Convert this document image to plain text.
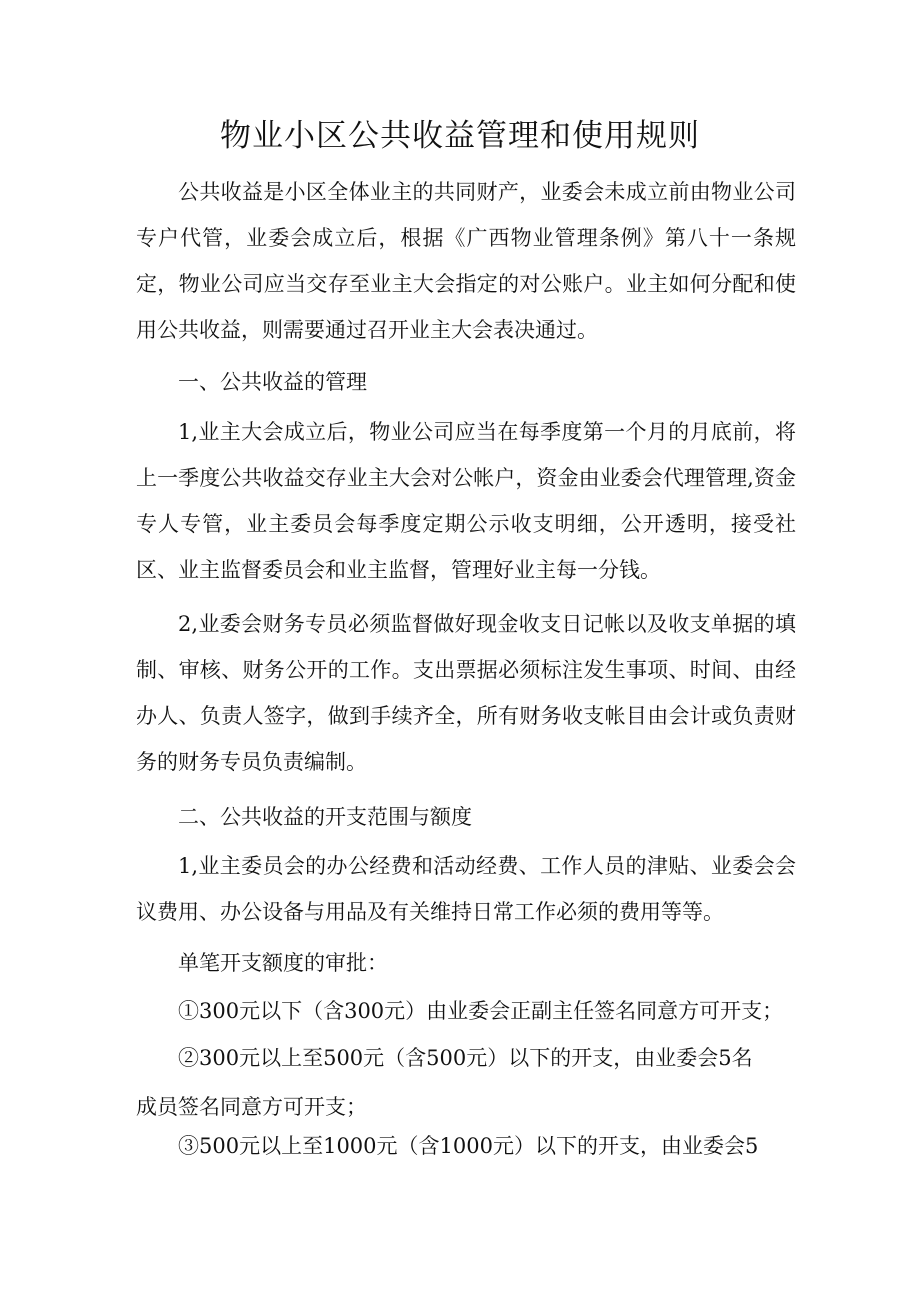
物业小区公共收益管理和使用规则

公共收益是小区全体业主的共同财产，业委会未成立前由物业公司专户代管，业委会成立后，根据《广西物业管理条例》第八十一条规定，物业公司应当交存至业主大会指定的对公账户。业主如何分配和使用公共收益，则需要通过召开业主大会表决通过。

一、公共收益的管理

1,业主大会成立后，物业公司应当在每季度第一个月的月底前，将上一季度公共收益交存业主大会对公帐户，资金由业委会代理管理,资金专人专管，业主委员会每季度定期公示收支明细，公开透明，接受社区、业主监督委员会和业主监督，管理好业主每一分钱。

2,业委会财务专员必须监督做好现金收支日记帐以及收支单据的填制、审核、财务公开的工作。支出票据必须标注发生事项、时间、由经办人、负责人签字，做到手续齐全，所有财务收支帐目由会计或负责财务的财务专员负责编制。

二、公共收益的开支范围与额度

1,业主委员会的办公经费和活动经费、工作人员的津贴、业委会会议费用、办公设备与用品及有关维持日常工作必须的费用等等。

单笔开支额度的审批：

①300元以下（含300元）由业委会正副主任签名同意方可开支；

②300元以上至500元（含500元）以下的开支，由业委会5名

成员签名同意方可开支；

③500元以上至1000元（含1000元）以下的开支，由业委会5
